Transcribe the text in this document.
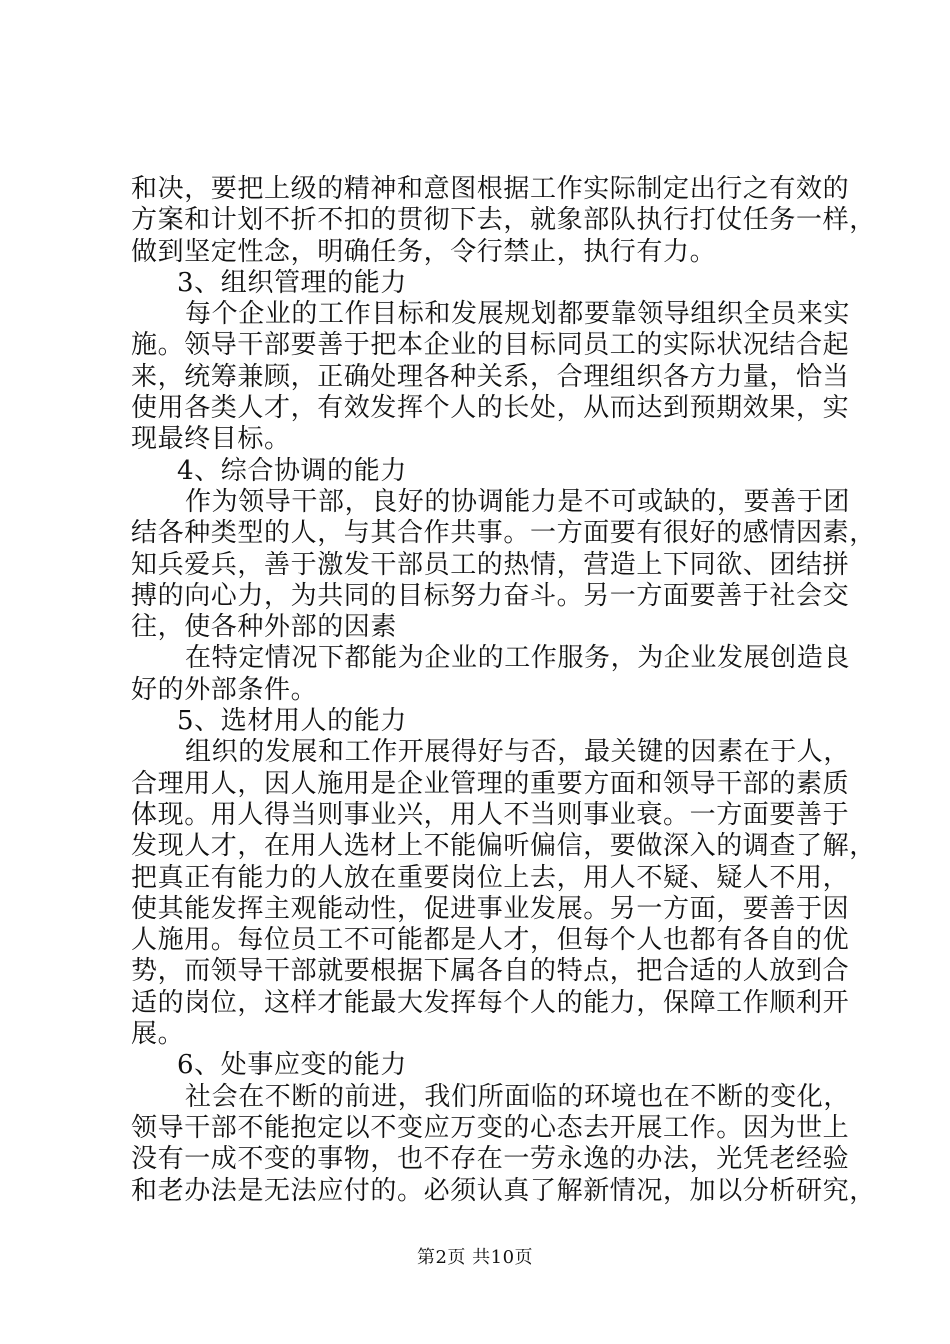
和决，要把上级的精神和意图根据工作实际制定出行之有效的
方案和计划不折不扣的贯彻下去，就象部队执行打仗任务一样，
做到坚定性念，明确任务，令行禁止，执行有力。
3、组织管理的能力
每个企业的工作目标和发展规划都要靠领导组织全员来实
施。领导干部要善于把本企业的目标同员工的实际状况结合起
来，统筹兼顾，正确处理各种关系，合理组织各方力量，恰当
使用各类人才，有效发挥个人的长处，从而达到预期效果，实
现最终目标。
4、综合协调的能力
作为领导干部，良好的协调能力是不可或缺的，要善于团
结各种类型的人，与其合作共事。一方面要有很好的感情因素，
知兵爱兵，善于激发干部员工的热情，营造上下同欲、团结拼
搏的向心力，为共同的目标努力奋斗。另一方面要善于社会交
往，使各种外部的因素
在特定情况下都能为企业的工作服务，为企业发展创造良
好的外部条件。
5、选材用人的能力
组织的发展和工作开展得好与否，最关键的因素在于人，
合理用人，因人施用是企业管理的重要方面和领导干部的素质
体现。用人得当则事业兴，用人不当则事业衰。一方面要善于
发现人才，在用人选材上不能偏听偏信，要做深入的调查了解，
把真正有能力的人放在重要岗位上去，用人不疑、疑人不用，
使其能发挥主观能动性，促进事业发展。另一方面，要善于因
人施用。每位员工不可能都是人才，但每个人也都有各自的优
势，而领导干部就要根据下属各自的特点，把合适的人放到合
适的岗位，这样才能最大发挥每个人的能力，保障工作顺利开
展。
6、处事应变的能力
社会在不断的前进，我们所面临的环境也在不断的变化，
领导干部不能抱定以不变应万变的心态去开展工作。因为世上
没有一成不变的事物，也不存在一劳永逸的办法，光凭老经验
和老办法是无法应付的。必须认真了解新情况，加以分析研究，
第2页 共10页
